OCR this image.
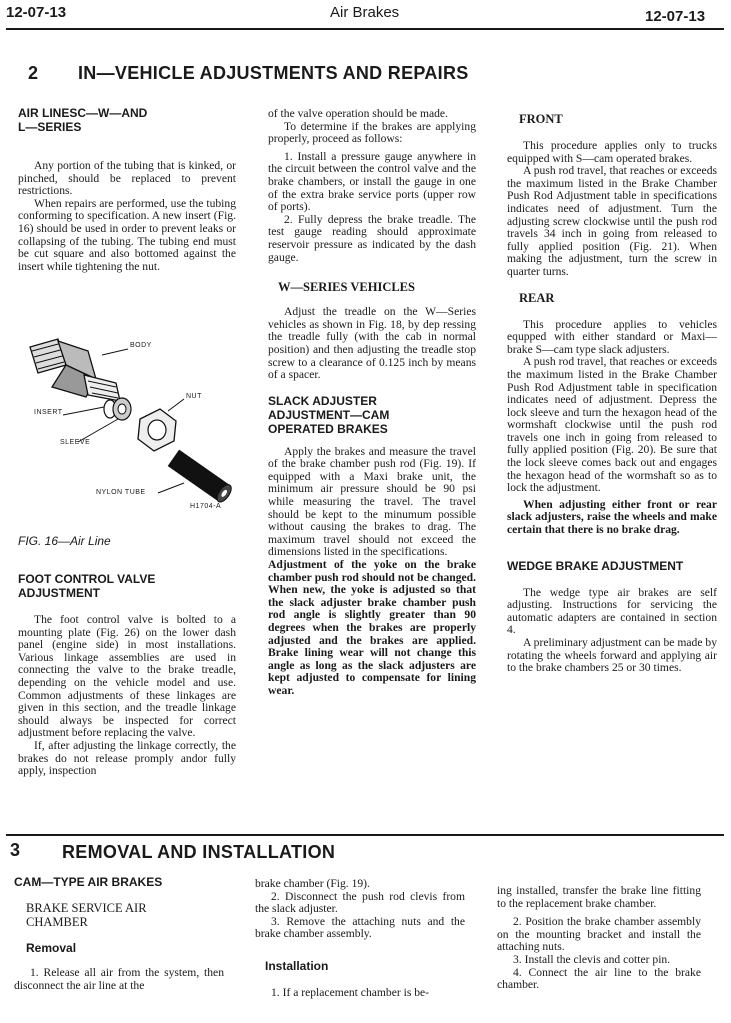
12-07-13	Air Brakes	12-07-13
2 IN—VEHICLE ADJUSTMENTS AND REPAIRS
AIR LINESC—W—AND
L—SERIES

Any portion of the tubing that is kinked, or pinched, should be replaced to prevent restrictions.

When repairs are performed, use the tubing conforming to specification. A new insert (Fig. 16) should be used in order to prevent leaks or collapsing of the tubing. The tubing end must be cut square and also bottomed against the insert while tightening the nut.

BODY
NUT
INSERT
SLEEVE
NYLON TUBE
H1704-A
FIG. 16—Air Line
FOOT CONTROL VALVE
ADJUSTMENT

The foot control valve is bolted to a mounting plate (Fig. 26) on the lower dash panel (engine side) in most installations. Various linkage assemblies are used in connecting the valve to the brake treadle, depending on the vehicle model and use. Common adjustments of these linkages are given in this section, and the treadle linkage should always be inspected for correct adjustment before replacing the valve.

If, after adjusting the linkage correctly, the brakes do not release promply andor fully apply, inspection

of the valve operation should be made.

To determine if the brakes are applying properly, proceed as follows:

1. Install a pressure gauge anywhere in the circuit between the control valve and the brake chambers, or install the gauge in one of the extra brake service ports (upper row of ports).

2. Fully depress the brake treadle. The test gauge reading should approximate reservoir pressure as indicated by the dash gauge.

W—SERIES VEHICLES

Adjust the treadle on the W—Series vehicles as shown in Fig. 18, by dep ressing the treadle fully (with the cab in normal position) and then adjusting the treadle stop screw to a clearance of 0.125 inch by means of a spacer.

SLACK ADJUSTER
ADJUSTMENT—CAM
OPERATED BRAKES

Apply the brakes and measure the travel of the brake chamber push rod (Fig. 19). If equipped with a Maxi brake unit, the minimum air pressure should be 90 psi while measuring the travel. The travel should be kept to the minumum possible without causing the brakes to drag. The maximum travel should not exceed the dimensions listed in the specifications.

Adjustment of the yoke on the brake chamber push rod should not be changed. When new, the yoke is adjusted so that the slack adjuster brake chamber push rod angle is slightly greater than 90 degrees when the brakes are properly adjusted and the brakes are applied. Brake lining wear will not change this angle as long as the slack adjusters are kept adjusted to compensate for lining wear.

FRONT

This procedure applies only to trucks equipped with S—cam operated brakes.

A push rod travel, that reaches or exceeds the maximum listed in the Brake Chamber Push Rod Adjustment table in specifications indicates need of adjustment. Turn the adjusting screw clockwise until the push rod travels 34 inch in going from released to fully applied position (Fig. 21). When making the adjustment, turn the screw in quarter turns.

REAR

This procedure applies to vehicles equpped with either standard or Maxi—brake S—cam type slack adjusters.

A push rod travel, that reaches or exceeds the maximum listed in the Brake Chamber Push Rod Adjustment table in specification indicates need of adjustment. Depress the lock sleeve and turn the hexagon head of the wormshaft clockwise until the push rod travels one inch in going from released to fully applied position (Fig. 20). Be sure that the lock sleeve comes back out and engages the hexagon head of the wormshaft so as to lock the adjustment.

When adjusting either front or rear slack adjusters, raise the wheels and make certain that there is no brake drag.

WEDGE BRAKE ADJUSTMENT

The wedge type air brakes are self adjusting. Instructions for servicing the automatic adapters are contained in section 4.

A preliminary adjustment can be made by rotating the wheels forward and applying air to the brake chambers 25 or 30 times.

3 REMOVAL AND INSTALLATION
CAM—TYPE AIR BRAKES
BRAKE SERVICE AIR
CHAMBER
Removal

1. Release all air from the system, then disconnect the air line at the

brake chamber (Fig. 19).

2. Disconnect the push rod clevis from the slack adjuster.

3. Remove the attaching nuts and the brake chamber assembly.

Installation

1. If a replacement chamber is be-

ing installed, transfer the brake line fitting to the replacement brake chamber.

2. Position the brake chamber assembly on the mounting bracket and install the attaching nuts.

3. Install the clevis and cotter pin.

4. Connect the air line to the brake chamber.
